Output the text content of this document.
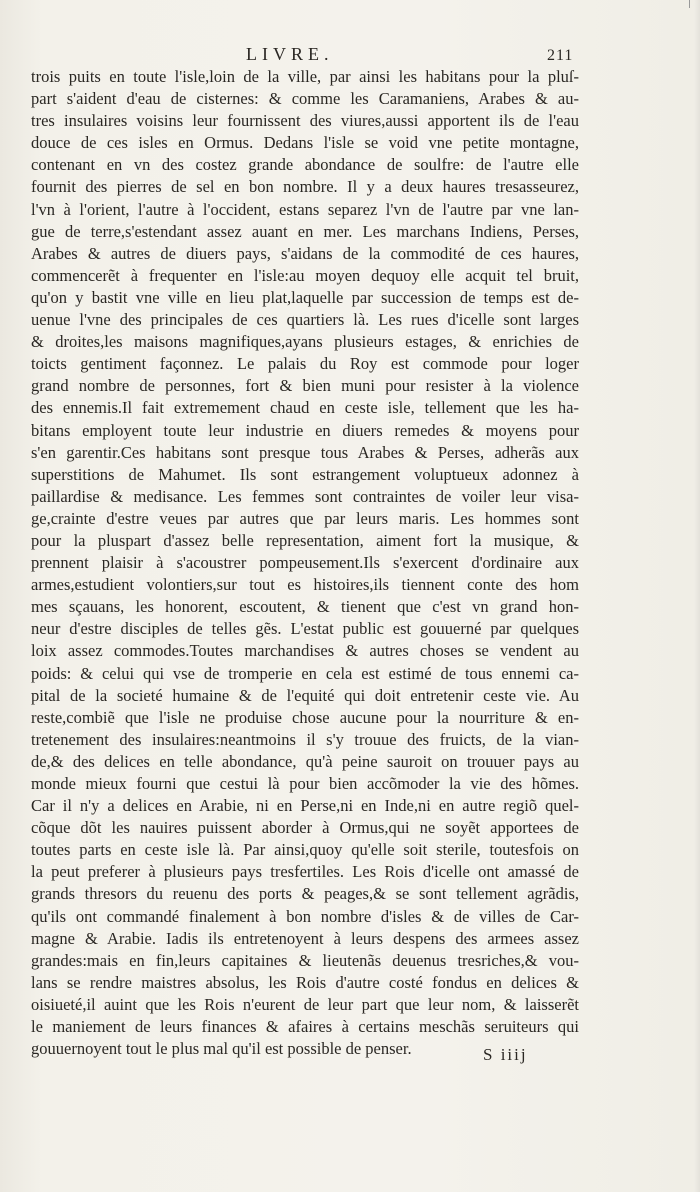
LIVRE.	211
trois puits en toute l'isle,loin de la ville, par ainsi les habitans pour la pluſ-
part s'aident d'eau de cisternes: & comme les Caramaniens, Arabes & au-
tres insulaires voisins leur fournissent des viures,aussi apportent ils de l'eau
douce de ces isles en Ormus. Dedans l'isle se void vne petite montagne,
contenant en vn des costez grande abondance de soulfre: de l'autre elle
fournit des pierres de sel en bon nombre. Il y a deux haures tresasseurez,
l'vn à l'orient, l'autre à l'occident, estans separez l'vn de l'autre par vne lan-
gue de terre,s'estendant assez auant en mer. Les marchans Indiens, Perses,
Arabes & autres de diuers pays, s'aidans de la commodité de ces haures,
commencerẽt à frequenter en l'isle:au moyen dequoy elle acquit tel bruit,
qu'on y bastit vne ville en lieu plat,laquelle par succession de temps est de-
uenue l'vne des principales de ces quartiers là. Les rues d'icelle sont larges
& droites,les maisons magnifiques,ayans plusieurs estages, & enrichies de
toicts gentiment façonnez. Le palais du Roy est commode pour loger
grand nombre de personnes, fort & bien muni pour resister à la violence
des ennemis.Il fait extremement chaud en ceste isle, tellement que les ha-
bitans employent toute leur industrie en diuers remedes & moyens pour
s'en garentir.Ces habitans sont presque tous Arabes & Perses, adherãs aux
superstitions de Mahumet. Ils sont estrangement voluptueux adonnez à
paillardise & medisance. Les femmes sont contraintes de voiler leur visa-
ge,crainte d'estre veues par autres que par leurs maris. Les hommes sont
pour la pluspart d'assez belle representation, aiment fort la musique, &
prennent plaisir à s'acoustrer pompeusement.Ils s'exercent d'ordinaire aux
armes,estudient volontiers,sur tout es histoires,ils tiennent conte des hom
mes sçauans, les honorent, escoutent, & tienent que c'est vn grand hon-
neur d'estre disciples de telles gẽs. L'estat public est gouuerné par quelques
loix assez commodes.Toutes marchandises & autres choses se vendent au
poids: & celui qui vse de tromperie en cela est estimé de tous ennemi ca-
pital de la societé humaine & de l'equité qui doit entretenir ceste vie. Au
reste,combiẽ que l'isle ne produise chose aucune pour la nourriture & en-
tretenement des insulaires:neantmoins il s'y trouue des fruicts, de la vian-
de,& des delices en telle abondance, qu'à peine sauroit on trouuer pays au
monde mieux fourni que cestui là pour bien accõmoder la vie des hõmes.
Car il n'y a delices en Arabie, ni en Perse,ni en Inde,ni en autre regiõ quel-
cõque dõt les nauires puissent aborder à Ormus,qui ne soyẽt apportees de
toutes parts en ceste isle là. Par ainsi,quoy qu'elle soit sterile, toutesfois on
la peut preferer à plusieurs pays tresfertiles. Les Rois d'icelle ont amassé de
grands thresors du reuenu des ports & peages,& se sont tellement agrãdis,
qu'ils ont commandé finalement à bon nombre d'isles & de villes de Car-
magne & Arabie. Iadis ils entretenoyent à leurs despens des armees assez
grandes:mais en fin,leurs capitaines & lieutenãs deuenus tresriches,& vou-
lans se rendre maistres absolus, les Rois d'autre costé fondus en delices &
oisiueté,il auint que les Rois n'eurent de leur part que leur nom, & laisserẽt
le maniement de leurs finances & afaires à certains meschãs seruiteurs qui
gouuernoyent tout le plus mal qu'il est possible de penser.	S iiij
